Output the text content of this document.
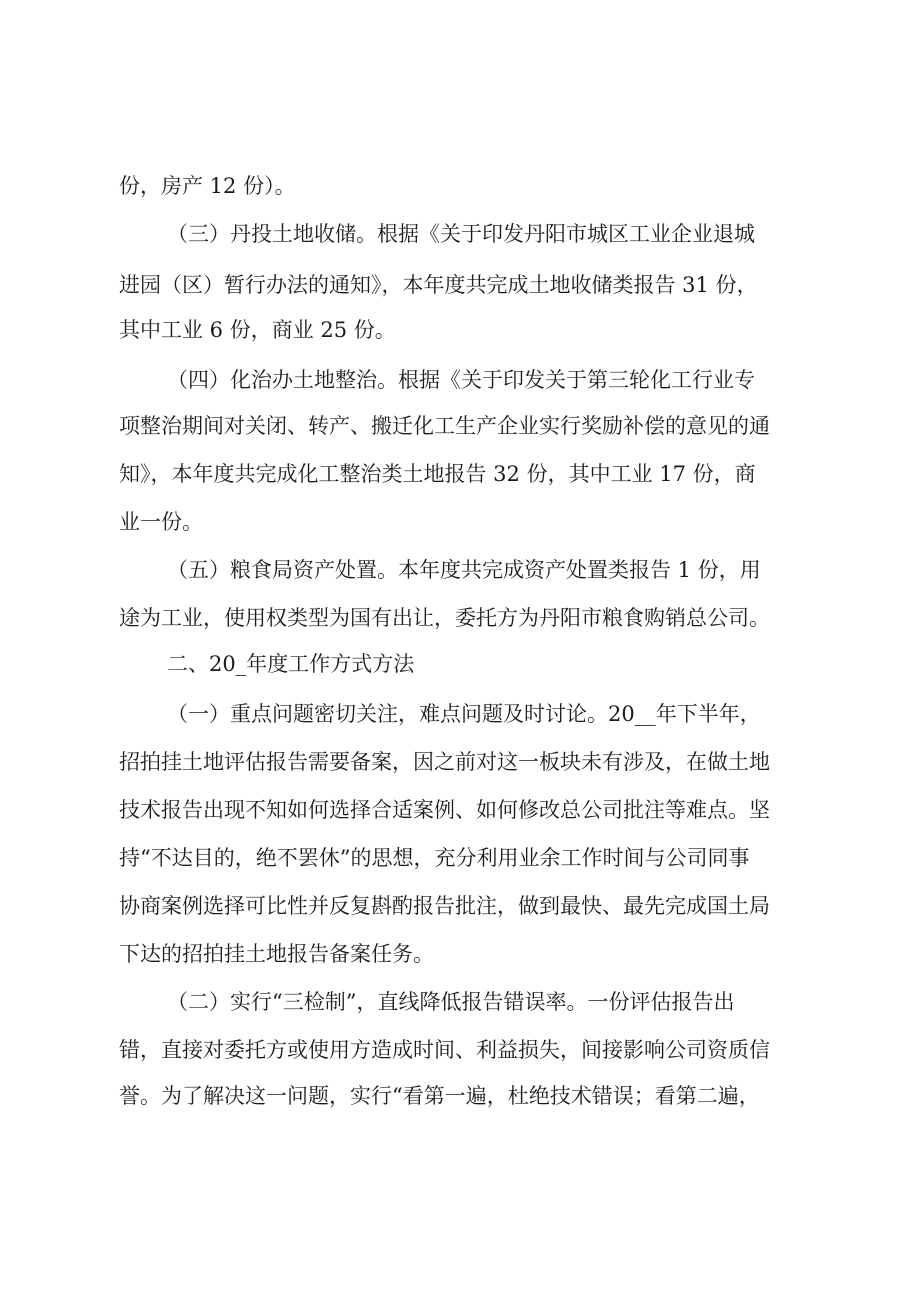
份，房产 12 份）。
（三）丹投土地收储。根据《关于印发丹阳市城区工业企业退城
进园（区）暂行办法的通知》，本年度共完成土地收储类报告 31 份，
其中工业 6 份，商业 25 份。
（四）化治办土地整治。根据《关于印发关于第三轮化工行业专
项整治期间对关闭、转产、搬迁化工生产企业实行奖励补偿的意见的通
知》，本年度共完成化工整治类土地报告 32 份，其中工业 17 份，商
业一份。
（五）粮食局资产处置。本年度共完成资产处置类报告 1 份，用
途为工业，使用权类型为国有出让，委托方为丹阳市粮食购销总公司。
二、20_年度工作方式方法
（一）重点问题密切关注，难点问题及时讨论。20__年下半年，
招拍挂土地评估报告需要备案，因之前对这一板块未有涉及，在做土地
技术报告出现不知如何选择合适案例、如何修改总公司批注等难点。坚
持“不达目的，绝不罢休”的思想，充分利用业余工作时间与公司同事
协商案例选择可比性并反复斟酌报告批注，做到最快、最先完成国土局
下达的招拍挂土地报告备案任务。
（二）实行“三检制”，直线降低报告错误率。一份评估报告出
错，直接对委托方或使用方造成时间、利益损失，间接影响公司资质信
誉。为了解决这一问题，实行“看第一遍，杜绝技术错误；看第二遍，
